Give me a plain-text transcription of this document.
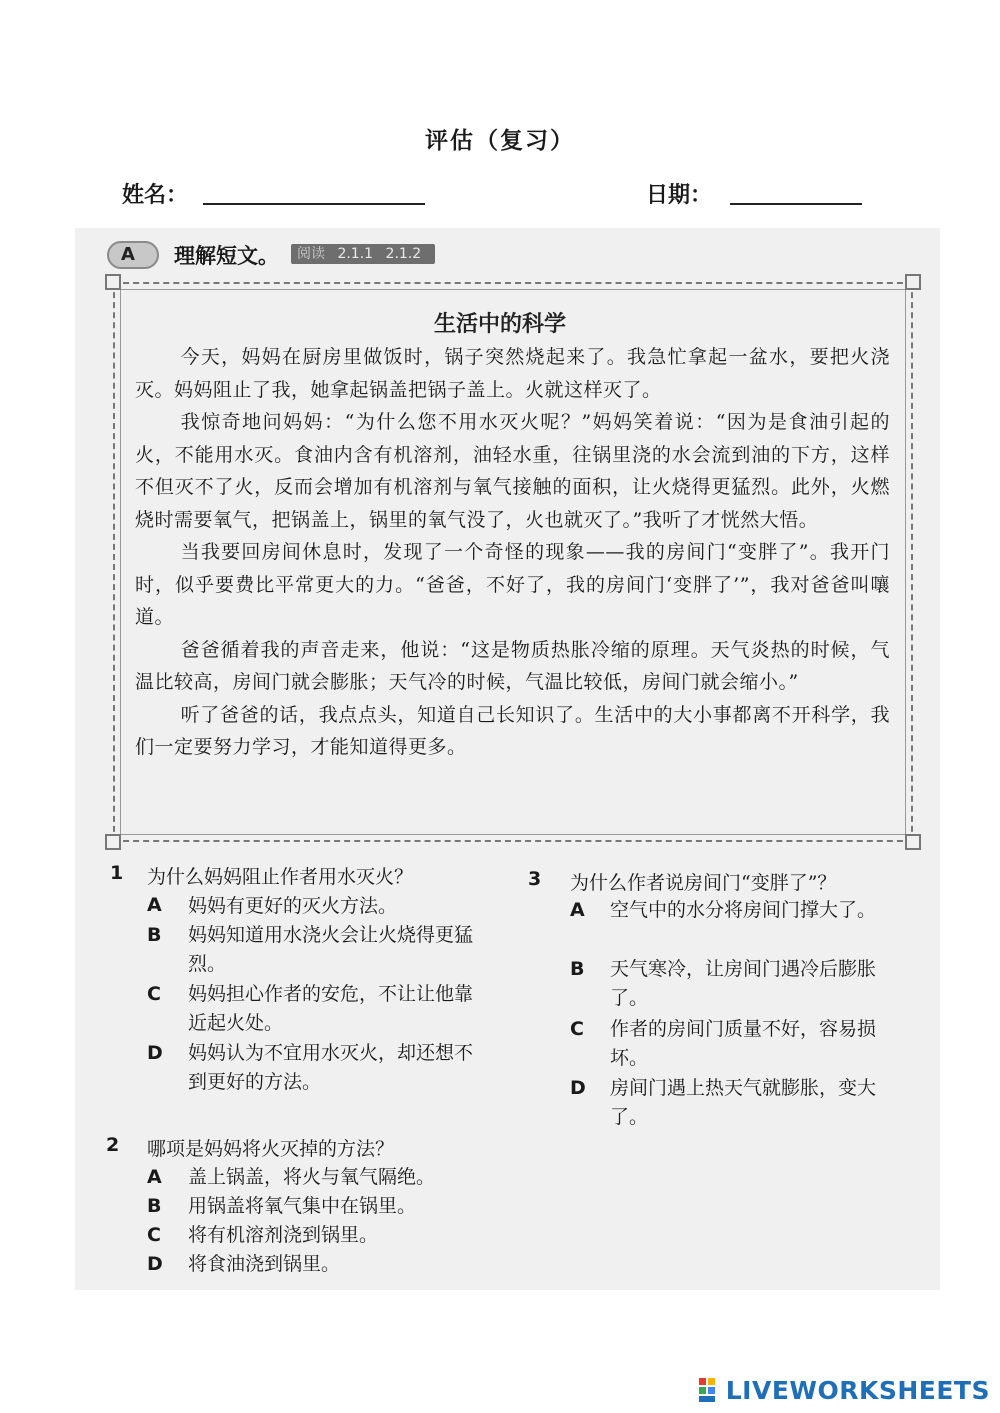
评估（复习）
姓名：	日期：
A 理解短文。	阅读 2.1.1 2.1.2
生活中的科学

今天，妈妈在厨房里做饭时，锅子突然烧起来了。我急忙拿起一盆水，要把火浇灭。妈妈阻止了我，她拿起锅盖把锅子盖上。火就这样灭了。

我惊奇地问妈妈：“为什么您不用水灭火呢？”妈妈笑着说：“因为是食油引起的火，不能用水灭。食油内含有机溶剂，油轻水重，往锅里浇的水会流到油的下方，这样不但灭不了火，反而会增加有机溶剂与氧气接触的面积，让火烧得更猛烈。此外，火燃烧时需要氧气，把锅盖上，锅里的氧气没了，火也就灭了。”我听了才恍然大悟。

当我要回房间休息时，发现了一个奇怪的现象——我的房间门“变胖了”。我开门时，似乎要费比平常更大的力。“爸爸，不好了，我的房间门‘变胖了’”，我对爸爸叫嚷道。

爸爸循着我的声音走来，他说：“这是物质热胀冷缩的原理。天气炎热的时候，气温比较高，房间门就会膨胀；天气冷的时候，气温比较低，房间门就会缩小。”

听了爸爸的话，我点点头，知道自己长知识了。生活中的大小事都离不开科学，我们一定要努力学习，才能知道得更多。

1 为什么妈妈阻止作者用水灭火？
A 妈妈有更好的灭火方法。
B 妈妈知道用水浇火会让火烧得更猛烈。
C 妈妈担心作者的安危，不让让他靠近起火处。
D 妈妈认为不宜用水灭火，却还想不到更好的方法。
2 哪项是妈妈将火灭掉的方法？
A 盖上锅盖，将火与氧气隔绝。
B 用锅盖将氧气集中在锅里。
C 将有机溶剂浇到锅里。
D 将食油浇到锅里。
3 为什么作者说房间门“变胖了”？
A 空气中的水分将房间门撑大了。
B 天气寒冷，让房间门遇冷后膨胀了。
C 作者的房间门质量不好，容易损坏。
D 房间门遇上热天气就膨胀，变大了。
LIVEWORKSHEETS
